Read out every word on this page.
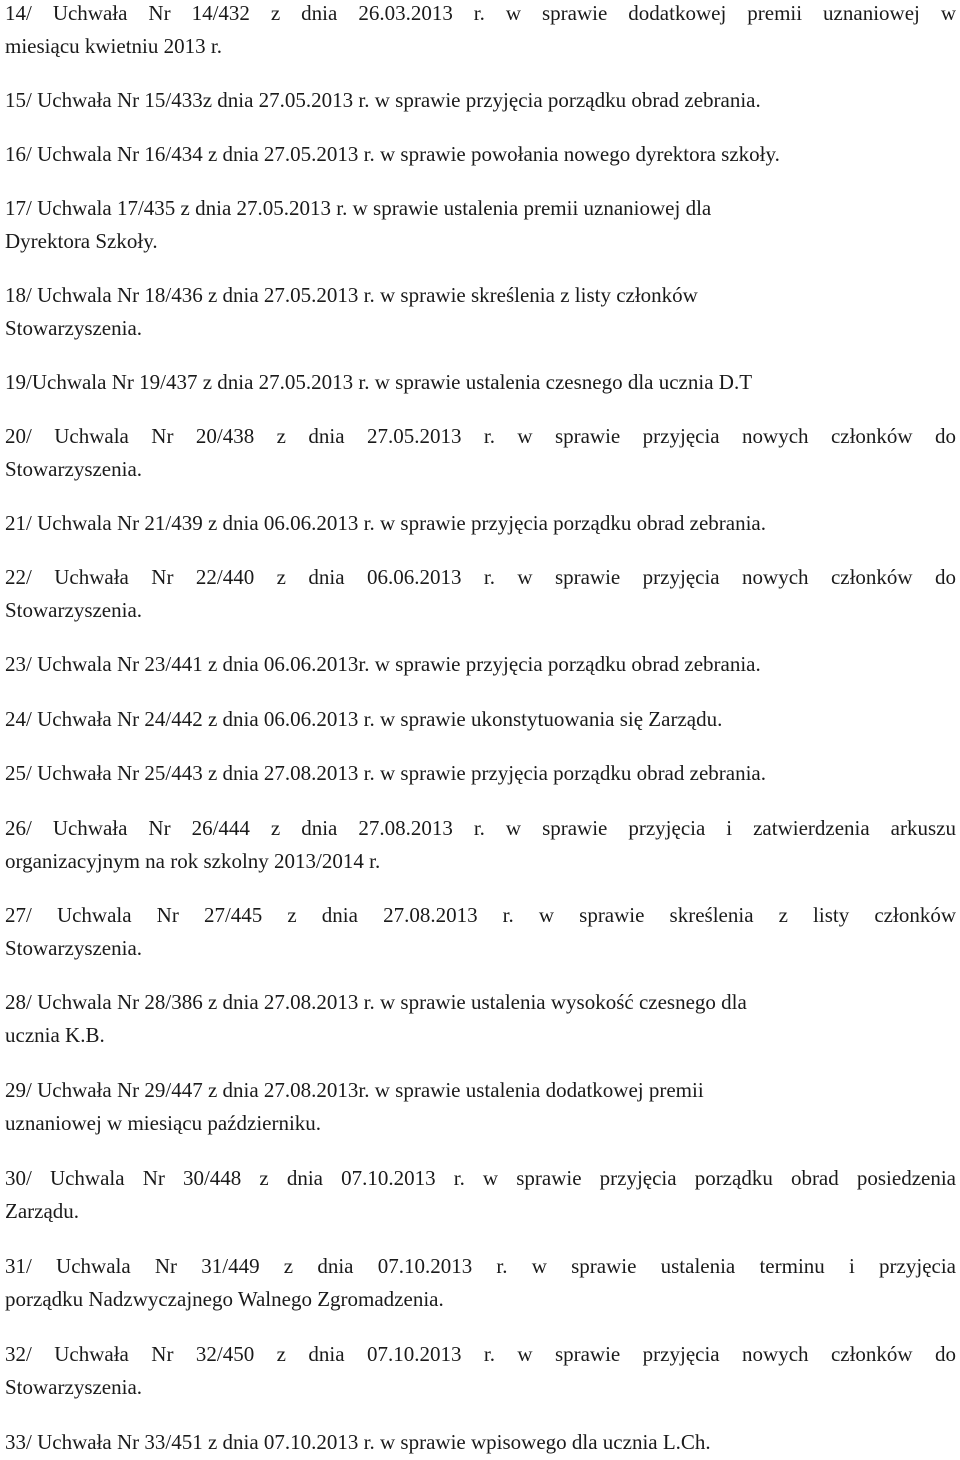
14/ Uchwała Nr 14/432 z dnia 26.03.2013 r. w sprawie dodatkowej premii uznaniowej w

miesiącu kwietniu 2013 r.

15/ Uchwała Nr 15/433z dnia 27.05.2013 r. w sprawie przyjęcia porządku obrad zebrania.

16/ Uchwala Nr 16/434 z dnia 27.05.2013 r. w sprawie powołania nowego dyrektora szkoły.

17/ Uchwala 17/435 z dnia 27.05.2013 r. w sprawie ustalenia premii uznaniowej dla

Dyrektora Szkoły.

18/ Uchwala Nr 18/436 z dnia 27.05.2013 r. w sprawie skreślenia z listy członków

Stowarzyszenia.

19/Uchwala Nr 19/437 z dnia 27.05.2013 r. w sprawie ustalenia czesnego dla ucznia D.T

20/ Uchwala Nr 20/438 z dnia 27.05.2013 r. w sprawie przyjęcia nowych członków do

Stowarzyszenia.

21/ Uchwala Nr 21/439 z dnia 06.06.2013 r. w sprawie przyjęcia porządku obrad zebrania.

22/ Uchwała Nr 22/440 z dnia 06.06.2013 r. w sprawie przyjęcia nowych członków do

Stowarzyszenia.

23/ Uchwala Nr 23/441 z dnia 06.06.2013r. w sprawie przyjęcia porządku obrad zebrania.

24/ Uchwała Nr 24/442 z dnia 06.06.2013 r. w sprawie ukonstytuowania się Zarządu.

25/ Uchwała Nr 25/443 z dnia 27.08.2013 r. w sprawie przyjęcia porządku obrad zebrania.

26/ Uchwała Nr 26/444 z dnia 27.08.2013 r. w sprawie przyjęcia i zatwierdzenia arkuszu

organizacyjnym na rok szkolny 2013/2014 r.

27/ Uchwala Nr 27/445 z dnia 27.08.2013 r. w sprawie skreślenia z listy członków

Stowarzyszenia.

28/ Uchwala Nr 28/386 z dnia 27.08.2013 r. w sprawie ustalenia wysokość czesnego dla

ucznia K.B.

29/ Uchwała Nr 29/447 z dnia 27.08.2013r. w sprawie ustalenia dodatkowej premii

uznaniowej w miesiącu październiku.

30/ Uchwala Nr 30/448 z dnia 07.10.2013 r. w sprawie przyjęcia porządku obrad posiedzenia

Zarządu.

31/ Uchwala Nr 31/449 z dnia 07.10.2013 r. w sprawie ustalenia terminu i przyjęcia

porządku Nadzwyczajnego Walnego Zgromadzenia.

32/ Uchwała Nr 32/450 z dnia 07.10.2013 r. w sprawie przyjęcia nowych członków do

Stowarzyszenia.

33/ Uchwała Nr 33/451 z dnia 07.10.2013 r. w sprawie wpisowego dla ucznia L.Ch.
